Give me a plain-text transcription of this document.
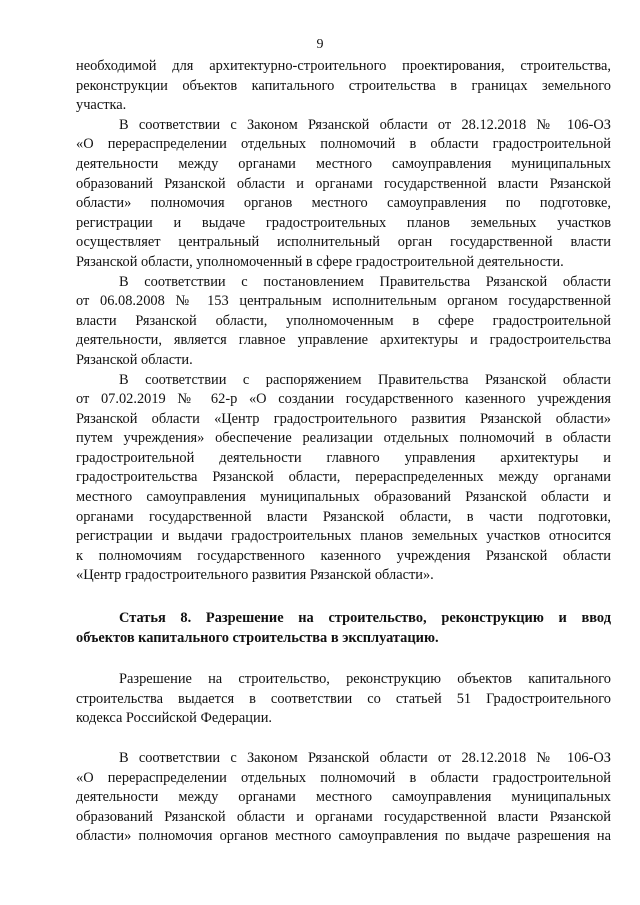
9
необходимой для архитектурно-строительного проектирования, строительства,
реконструкции объектов капитального строительства в границах земельного
участка.
В соответствии с Законом Рязанской области от 28.12.2018 № 106-ОЗ
«О перераспределении отдельных полномочий в области градостроительной
деятельности между органами местного самоуправления муниципальных
образований Рязанской области и органами государственной власти Рязанской
области» полномочия органов местного самоуправления по подготовке,
регистрации и выдаче градостроительных планов земельных участков
осуществляет центральный исполнительный орган государственной власти
Рязанской области, уполномоченный в сфере градостроительной деятельности.
В соответствии с постановлением Правительства Рязанской области
от 06.08.2008 № 153 центральным исполнительным органом государственной
власти Рязанской области, уполномоченным в сфере градостроительной
деятельности, является главное управление архитектуры и градостроительства
Рязанской области.
В соответствии с распоряжением Правительства Рязанской области
от 07.02.2019 № 62-р «О создании государственного казенного учреждения
Рязанской области «Центр градостроительного развития Рязанской области»
путем учреждения» обеспечение реализации отдельных полномочий в области
градостроительной деятельности главного управления архитектуры и
градостроительства Рязанской области, перераспределенных между органами
местного самоуправления муниципальных образований Рязанской области и
органами государственной власти Рязанской области, в части подготовки,
регистрации и выдачи градостроительных планов земельных участков относится
к полномочиям государственного казенного учреждения Рязанской области
«Центр градостроительного развития Рязанской области».
Статья 8. Разрешение на строительство, реконструкцию и ввод
объектов капитального строительства в эксплуатацию.
Разрешение на строительство, реконструкцию объектов капитального
строительства выдается в соответствии со статьей 51 Градостроительного
кодекса Российской Федерации.
В соответствии с Законом Рязанской области от 28.12.2018 № 106-ОЗ
«О перераспределении отдельных полномочий в области градостроительной
деятельности между органами местного самоуправления муниципальных
образований Рязанской области и органами государственной власти Рязанской
области» полномочия органов местного самоуправления по выдаче разрешения на
